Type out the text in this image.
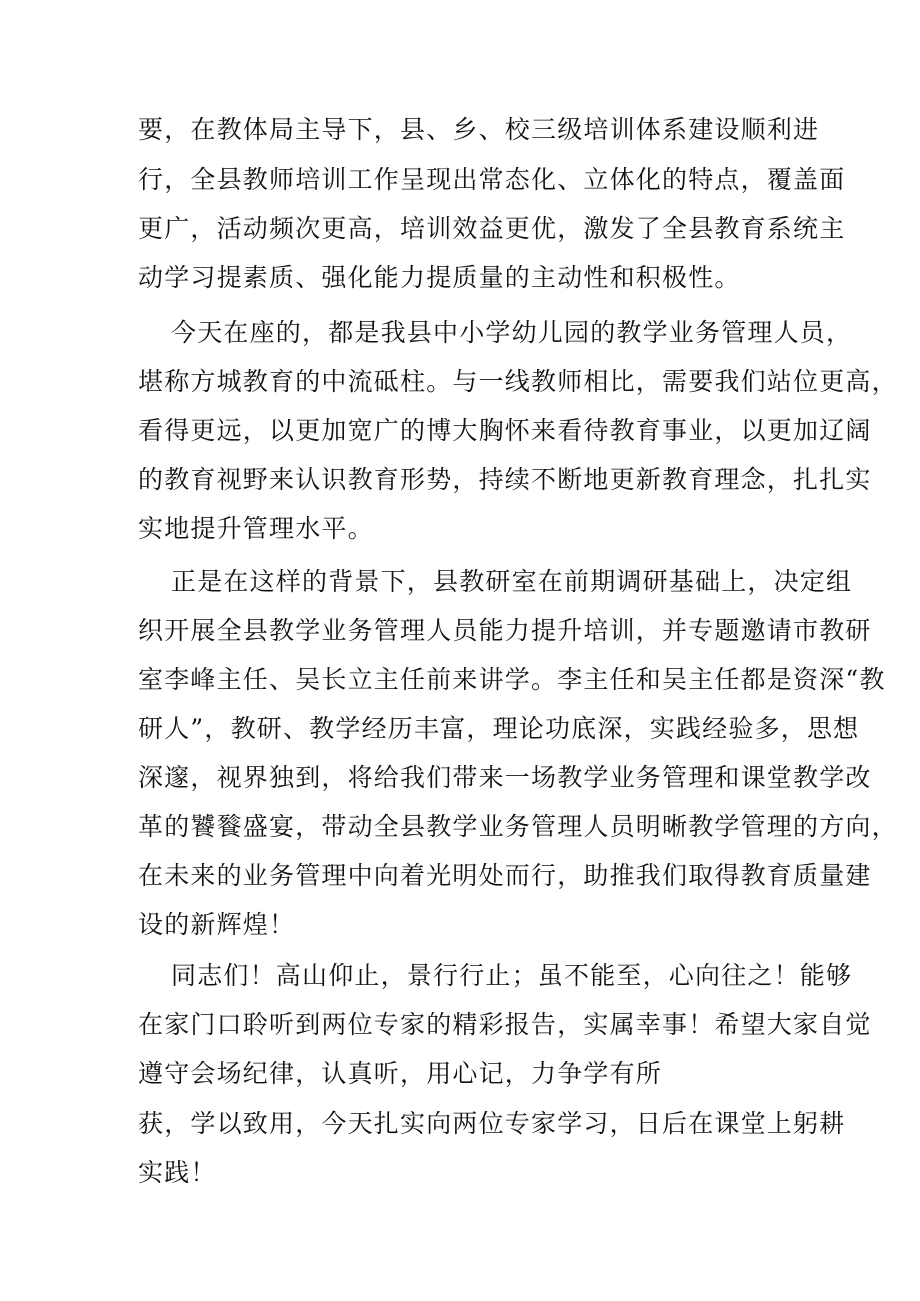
要，在教体局主导下，县、乡、校三级培训体系建设顺利进
行，全县教师培训工作呈现出常态化、立体化的特点，覆盖面
更广，活动频次更高，培训效益更优，激发了全县教育系统主
动学习提素质、强化能力提质量的主动性和积极性。
今天在座的，都是我县中小学幼儿园的教学业务管理人员，
堪称方城教育的中流砥柱。与一线教师相比，需要我们站位更高，
看得更远，以更加宽广的博大胸怀来看待教育事业，以更加辽阔
的教育视野来认识教育形势，持续不断地更新教育理念，扎扎实
实地提升管理水平。
正是在这样的背景下，县教研室在前期调研基础上，决定组
织开展全县教学业务管理人员能力提升培训，并专题邀请市教研
室李峰主任、吴长立主任前来讲学。李主任和吴主任都是资深“教
研人”，教研、教学经历丰富，理论功底深，实践经验多，思想
深邃，视界独到，将给我们带来一场教学业务管理和课堂教学改
革的饕餮盛宴，带动全县教学业务管理人员明晰教学管理的方向，
在未来的业务管理中向着光明处而行，助推我们取得教育质量建
设的新辉煌！
同志们！高山仰止，景行行止；虽不能至，心向往之！能够
在家门口聆听到两位专家的精彩报告，实属幸事！希望大家自觉
遵守会场纪律，认真听，用心记，力争学有所
获，学以致用，今天扎实向两位专家学习，日后在课堂上躬耕
实践！
